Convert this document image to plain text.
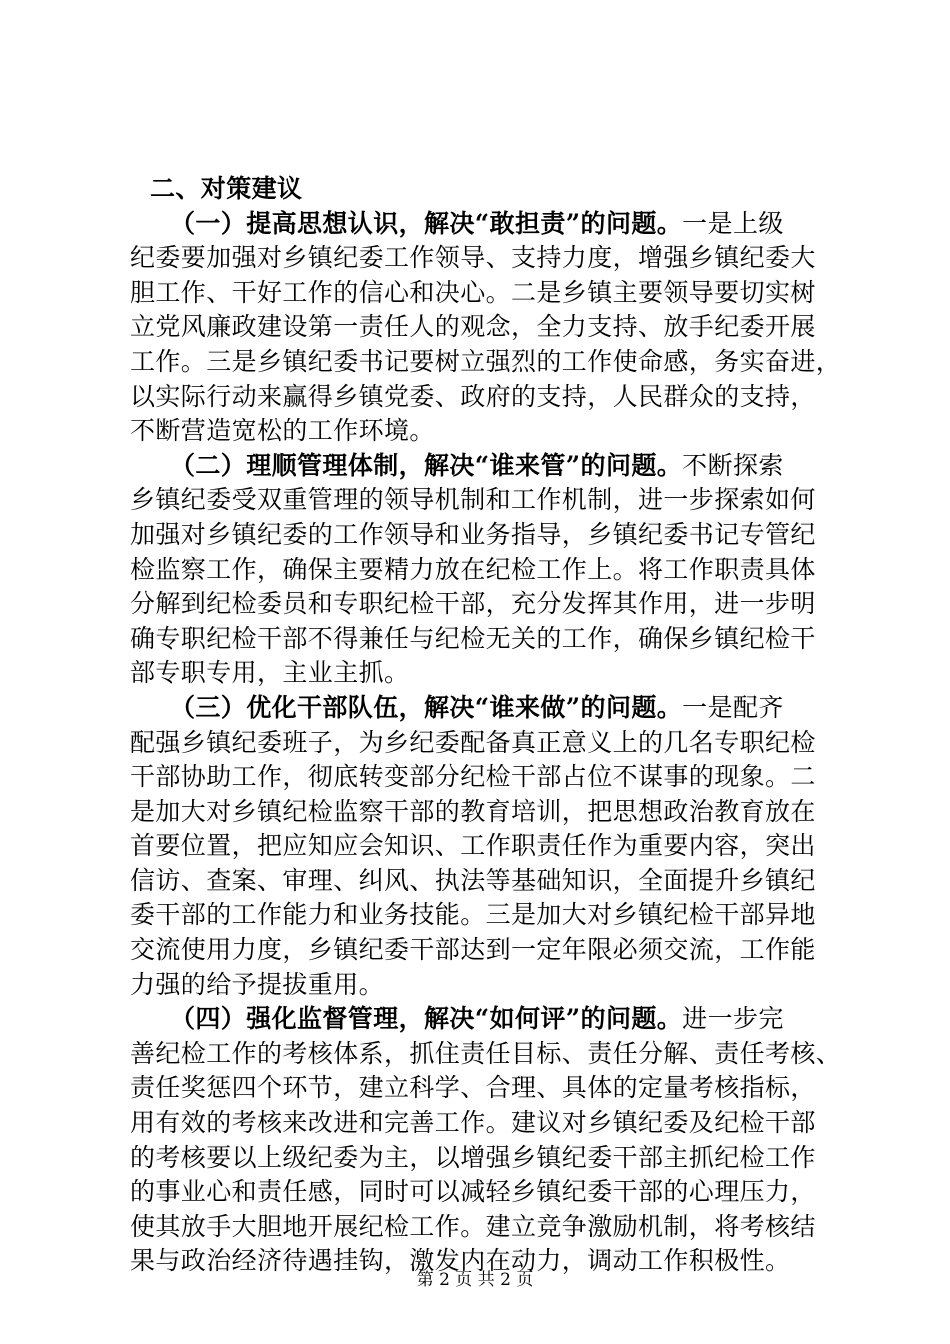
二、对策建议
（一）提高思想认识，解决“敢担责”的问题。一是上级
纪委要加强对乡镇纪委工作领导、支持力度，增强乡镇纪委大
胆工作、干好工作的信心和决心。二是乡镇主要领导要切实树
立党风廉政建设第一责任人的观念，全力支持、放手纪委开展
工作。三是乡镇纪委书记要树立强烈的工作使命感，务实奋进，
以实际行动来赢得乡镇党委、政府的支持，人民群众的支持，
不断营造宽松的工作环境。
（二）理顺管理体制，解决“谁来管”的问题。不断探索
乡镇纪委受双重管理的领导机制和工作机制，进一步探索如何
加强对乡镇纪委的工作领导和业务指导，乡镇纪委书记专管纪
检监察工作，确保主要精力放在纪检工作上。将工作职责具体
分解到纪检委员和专职纪检干部，充分发挥其作用，进一步明
确专职纪检干部不得兼任与纪检无关的工作，确保乡镇纪检干
部专职专用，主业主抓。
（三）优化干部队伍，解决“谁来做”的问题。一是配齐
配强乡镇纪委班子，为乡纪委配备真正意义上的几名专职纪检
干部协助工作，彻底转变部分纪检干部占位不谋事的现象。二
是加大对乡镇纪检监察干部的教育培训，把思想政治教育放在
首要位置，把应知应会知识、工作职责任作为重要内容，突出
信访、查案、审理、纠风、执法等基础知识，全面提升乡镇纪
委干部的工作能力和业务技能。三是加大对乡镇纪检干部异地
交流使用力度，乡镇纪委干部达到一定年限必须交流，工作能
力强的给予提拔重用。
（四）强化监督管理，解决“如何评”的问题。进一步完
善纪检工作的考核体系，抓住责任目标、责任分解、责任考核、
责任奖惩四个环节，建立科学、合理、具体的定量考核指标，
用有效的考核来改进和完善工作。建议对乡镇纪委及纪检干部
的考核要以上级纪委为主，以增强乡镇纪委干部主抓纪检工作
的事业心和责任感，同时可以减轻乡镇纪委干部的心理压力，
使其放手大胆地开展纪检工作。建立竞争激励机制，将考核结
果与政治经济待遇挂钩，激发内在动力，调动工作积极性。
第 2 页 共 2 页
